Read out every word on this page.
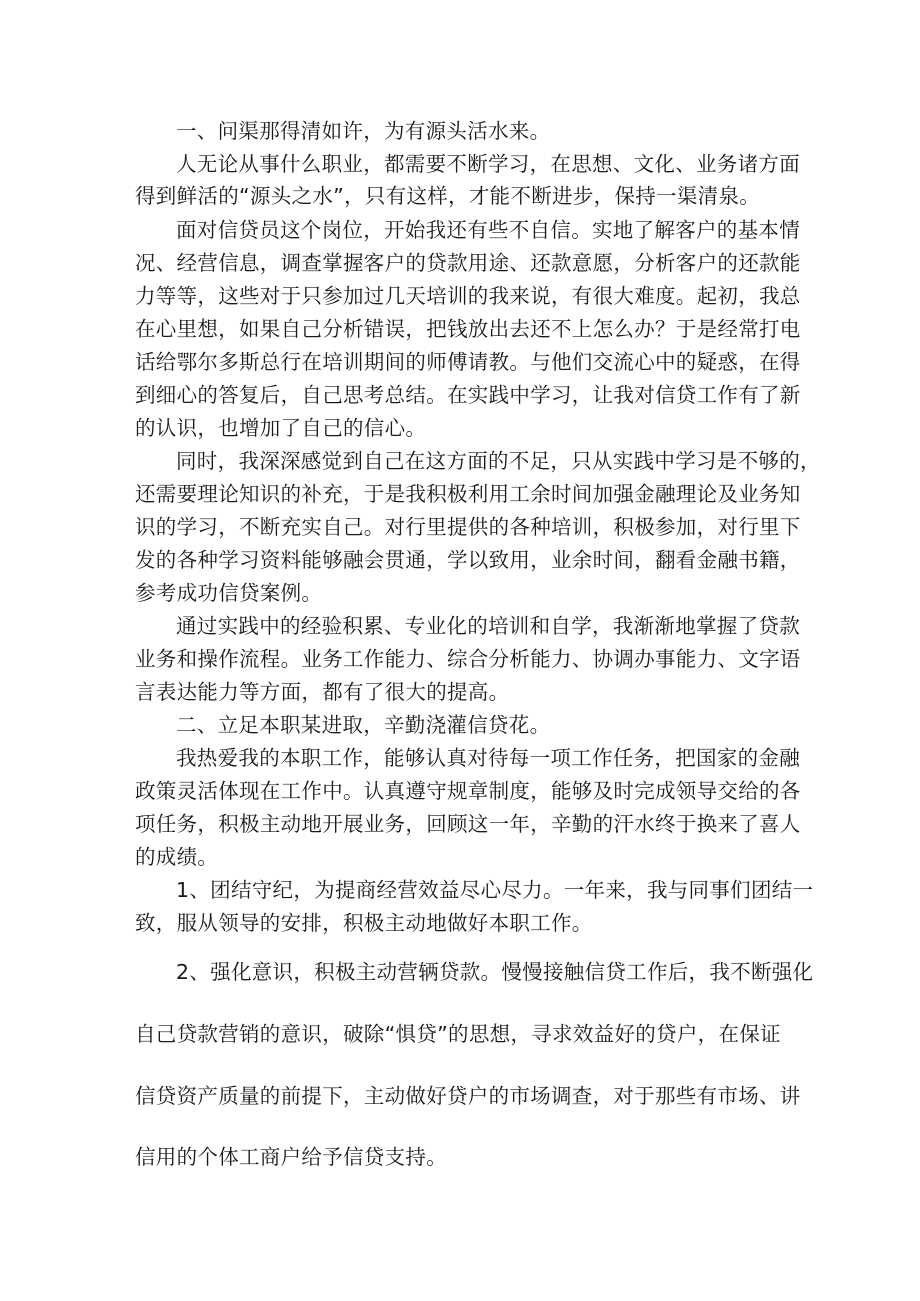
一、问渠那得清如许，为有源头活水来。

人无论从事什么职业，都需要不断学习，在思想、文化、业务诸方面

得到鲜活的“源头之水”，只有这样，才能不断进步，保持一渠清泉。

面对信贷员这个岗位，开始我还有些不自信。实地了解客户的基本情

况、经营信息，调查掌握客户的贷款用途、还款意愿，分析客户的还款能

力等等，这些对于只参加过几天培训的我来说，有很大难度。起初，我总

在心里想，如果自己分析错误，把钱放出去还不上怎么办？于是经常打电

话给鄂尔多斯总行在培训期间的师傅请教。与他们交流心中的疑惑，在得

到细心的答复后，自己思考总结。在实践中学习，让我对信贷工作有了新

的认识，也增加了自己的信心。

同时，我深深感觉到自己在这方面的不足，只从实践中学习是不够的，

还需要理论知识的补充，于是我积极利用工余时间加强金融理论及业务知

识的学习，不断充实自己。对行里提供的各种培训，积极参加，对行里下

发的各种学习资料能够融会贯通，学以致用，业余时间，翻看金融书籍，

参考成功信贷案例。

通过实践中的经验积累、专业化的培训和自学，我渐渐地掌握了贷款

业务和操作流程。业务工作能力、综合分析能力、协调办事能力、文字语

言表达能力等方面，都有了很大的提高。

二、立足本职某进取，辛勤浇灌信贷花。

我热爱我的本职工作，能够认真对待每一项工作任务，把国家的金融

政策灵活体现在工作中。认真遵守规章制度，能够及时完成领导交给的各

项任务，积极主动地开展业务，回顾这一年，辛勤的汗水终于换来了喜人

的成绩。

1、团结守纪，为提商经营效益尽心尽力。一年来，我与同事们团结一

致，服从领导的安排，积极主动地做好本职工作。

2、强化意识，积极主动营辆贷款。慢慢接触信贷工作后，我不断强化

自己贷款营销的意识，破除“惧贷”的思想，寻求效益好的贷户，在保证

信贷资产质量的前提下，主动做好贷户的市场调查，对于那些有市场、讲

信用的个体工商户给予信贷支持。
